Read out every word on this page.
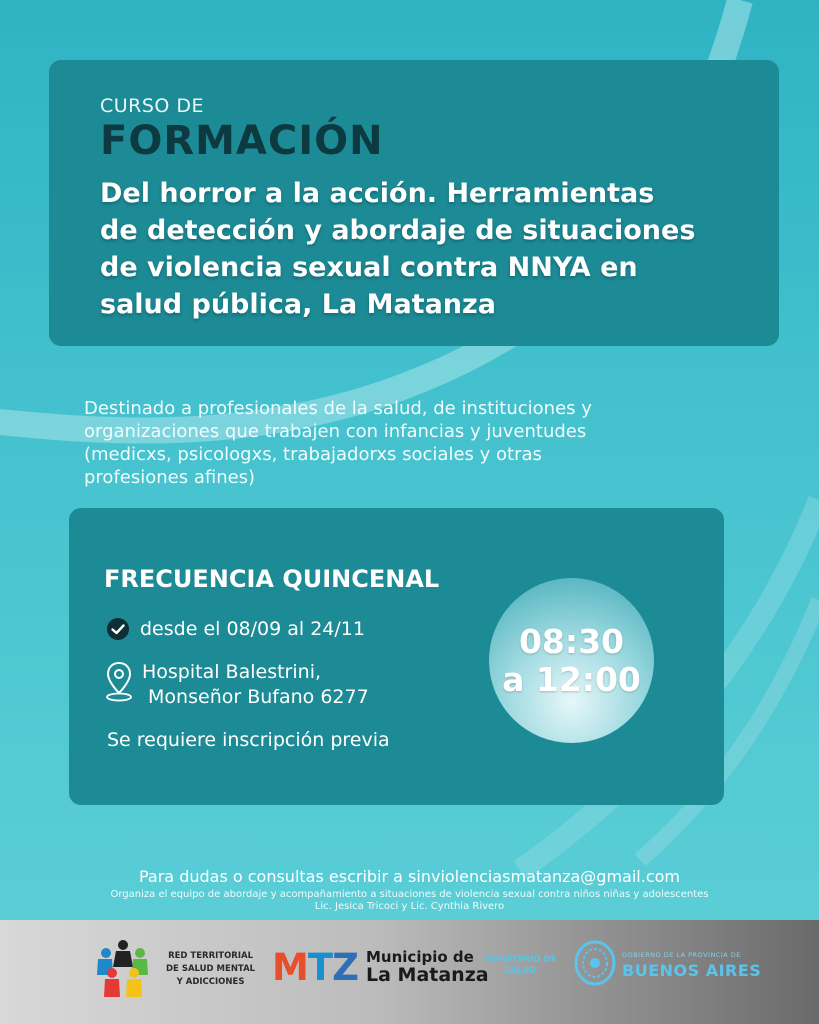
CURSO DE
FORMACIÓN
Del horror a la acción. Herramientas
de detección y abordaje de situaciones
de violencia sexual contra NNYA en
salud pública, La Matanza
Destinado a profesionales de la salud, de instituciones y
organizaciones que trabajen con infancias y juventudes
(medicxs, psicologxs, trabajadorxs sociales y otras
profesiones afines)
FRECUENCIA QUINCENAL
desde el 08/09 al 24/11
Hospital Balestrini,
Monseñor Bufano 6277
Se requiere inscripción previa
08:30
a 12:00
Para dudas o consultas escribir a sinviolenciasmatanza@gmail.com
Organiza el equipo de abordaje y acompañamiento a situaciones de violencia sexual contra niños niñas y adolescentes
Lic. Jesica Tricoci y Lic. Cynthia Rivero
RED TERRITORIAL
DE SALUD MENTAL
Y ADICCIONES MTZ Municipio de
La Matanza
MINISTERIO DE
SALUD
GOBIERNO DE LA PROVINCIA DE
BUENOS AIRES
